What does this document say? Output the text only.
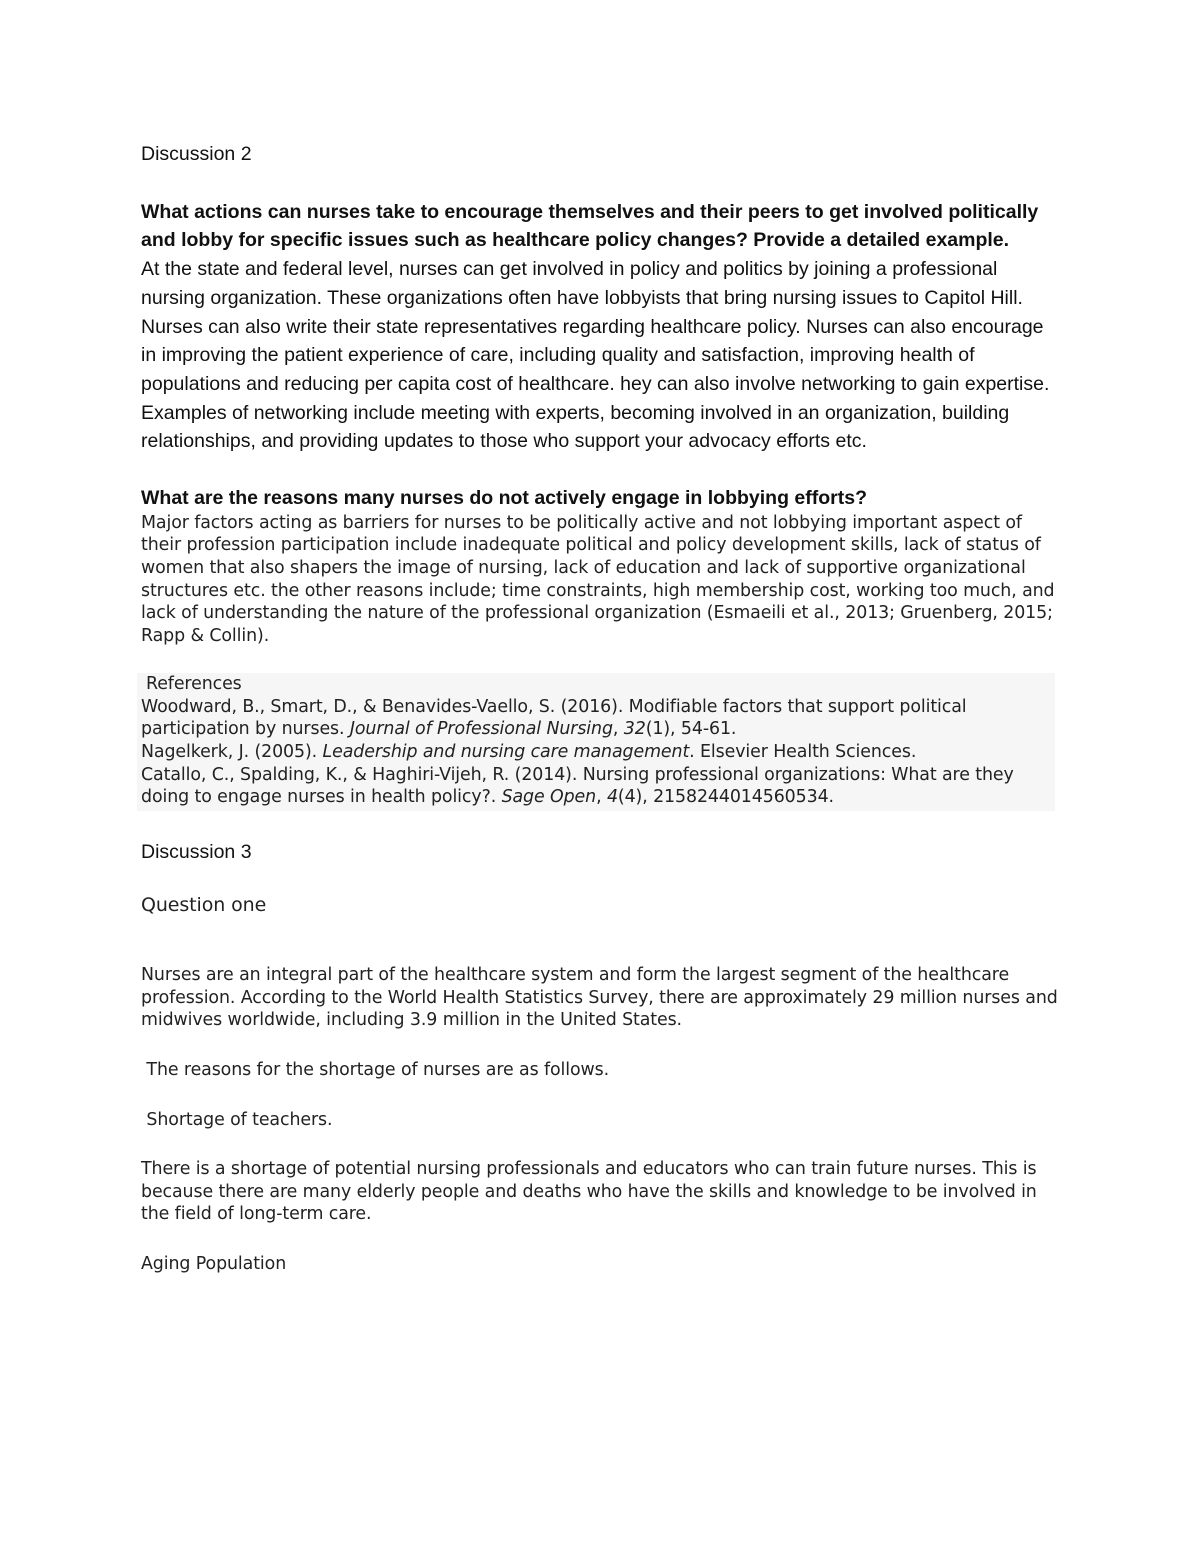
Discussion 2

What actions can nurses take to encourage themselves and their peers to get involved politically and lobby for specific issues such as healthcare policy changes? Provide a detailed example.

At the state and federal level, nurses can get involved in policy and politics by joining a professional nursing organization. These organizations often have lobbyists that bring nursing issues to Capitol Hill. Nurses can also write their state representatives regarding healthcare policy. Nurses can also encourage in improving the patient experience of care, including quality and satisfaction, improving health of populations and reducing per capita cost of healthcare. hey can also involve networking to gain expertise. Examples of networking include meeting with experts, becoming involved in an organization, building relationships, and providing updates to those who support your advocacy efforts etc.

What are the reasons many nurses do not actively engage in lobbying efforts?

Major factors acting as barriers for nurses to be politically active and not lobbying important aspect of their profession participation include inadequate political and policy development skills, lack of status of women that also shapers the image of nursing, lack of education and lack of supportive organizational structures etc. the other reasons include; time constraints, high membership cost, working too much, and lack of understanding the nature of the professional organization (Esmaeili et al., 2013; Gruenberg, 2015; Rapp & Collin).

References

Woodward, B., Smart, D., & Benavides-Vaello, S. (2016). Modifiable factors that support political participation by nurses. Journal of Professional Nursing, 32(1), 54-61.

Nagelkerk, J. (2005). Leadership and nursing care management. Elsevier Health Sciences.

Catallo, C., Spalding, K., & Haghiri-Vijeh, R. (2014). Nursing professional organizations: What are they doing to engage nurses in health policy?. Sage Open, 4(4), 2158244014560534.

Discussion 3

Question one

Nurses are an integral part of the healthcare system and form the largest segment of the healthcare profession. According to the World Health Statistics Survey, there are approximately 29 million nurses and midwives worldwide, including 3.9 million in the United States.

The reasons for the shortage of nurses are as follows.

Shortage of teachers.

There is a shortage of potential nursing professionals and educators who can train future nurses. This is because there are many elderly people and deaths who have the skills and knowledge to be involved in the field of long-term care.

Aging Population
